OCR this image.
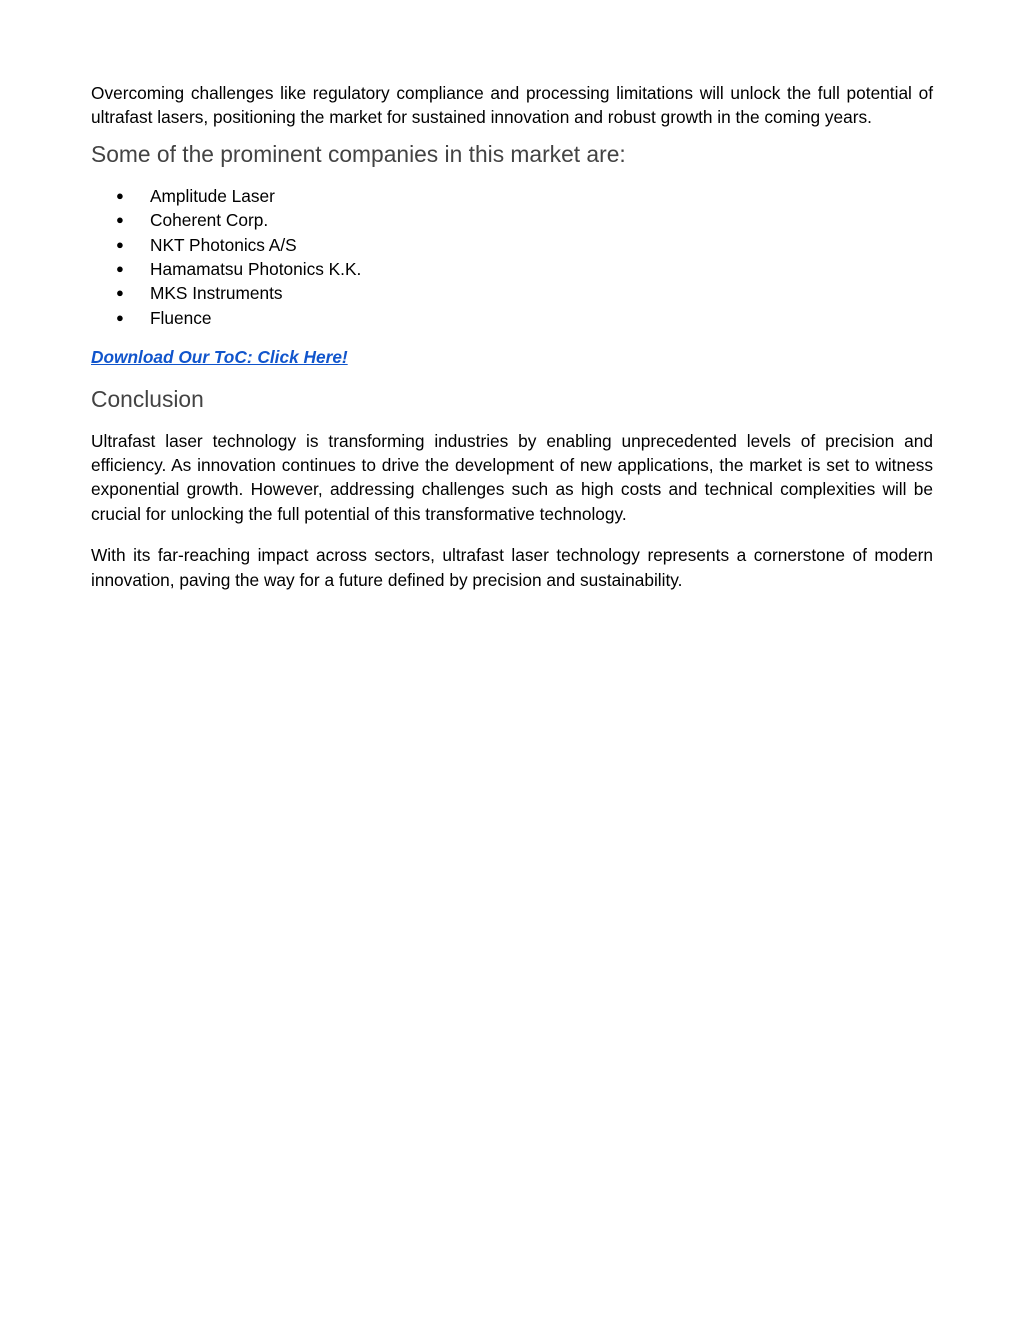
Overcoming challenges like regulatory compliance and processing limitations will unlock the full potential of ultrafast lasers, positioning the market for sustained innovation and robust growth in the coming years.

Some of the prominent companies in this market are:
● Amplitude Laser
● Coherent Corp.
● NKT Photonics A/S
● Hamamatsu Photonics K.K.
● MKS Instruments
● Fluence

Download Our ToC: Click Here!

Conclusion

Ultrafast laser technology is transforming industries by enabling unprecedented levels of precision and efficiency. As innovation continues to drive the development of new applications, the market is set to witness exponential growth. However, addressing challenges such as high costs and technical complexities will be crucial for unlocking the full potential of this transformative technology.

With its far-reaching impact across sectors, ultrafast laser technology represents a cornerstone of modern innovation, paving the way for a future defined by precision and sustainability.
